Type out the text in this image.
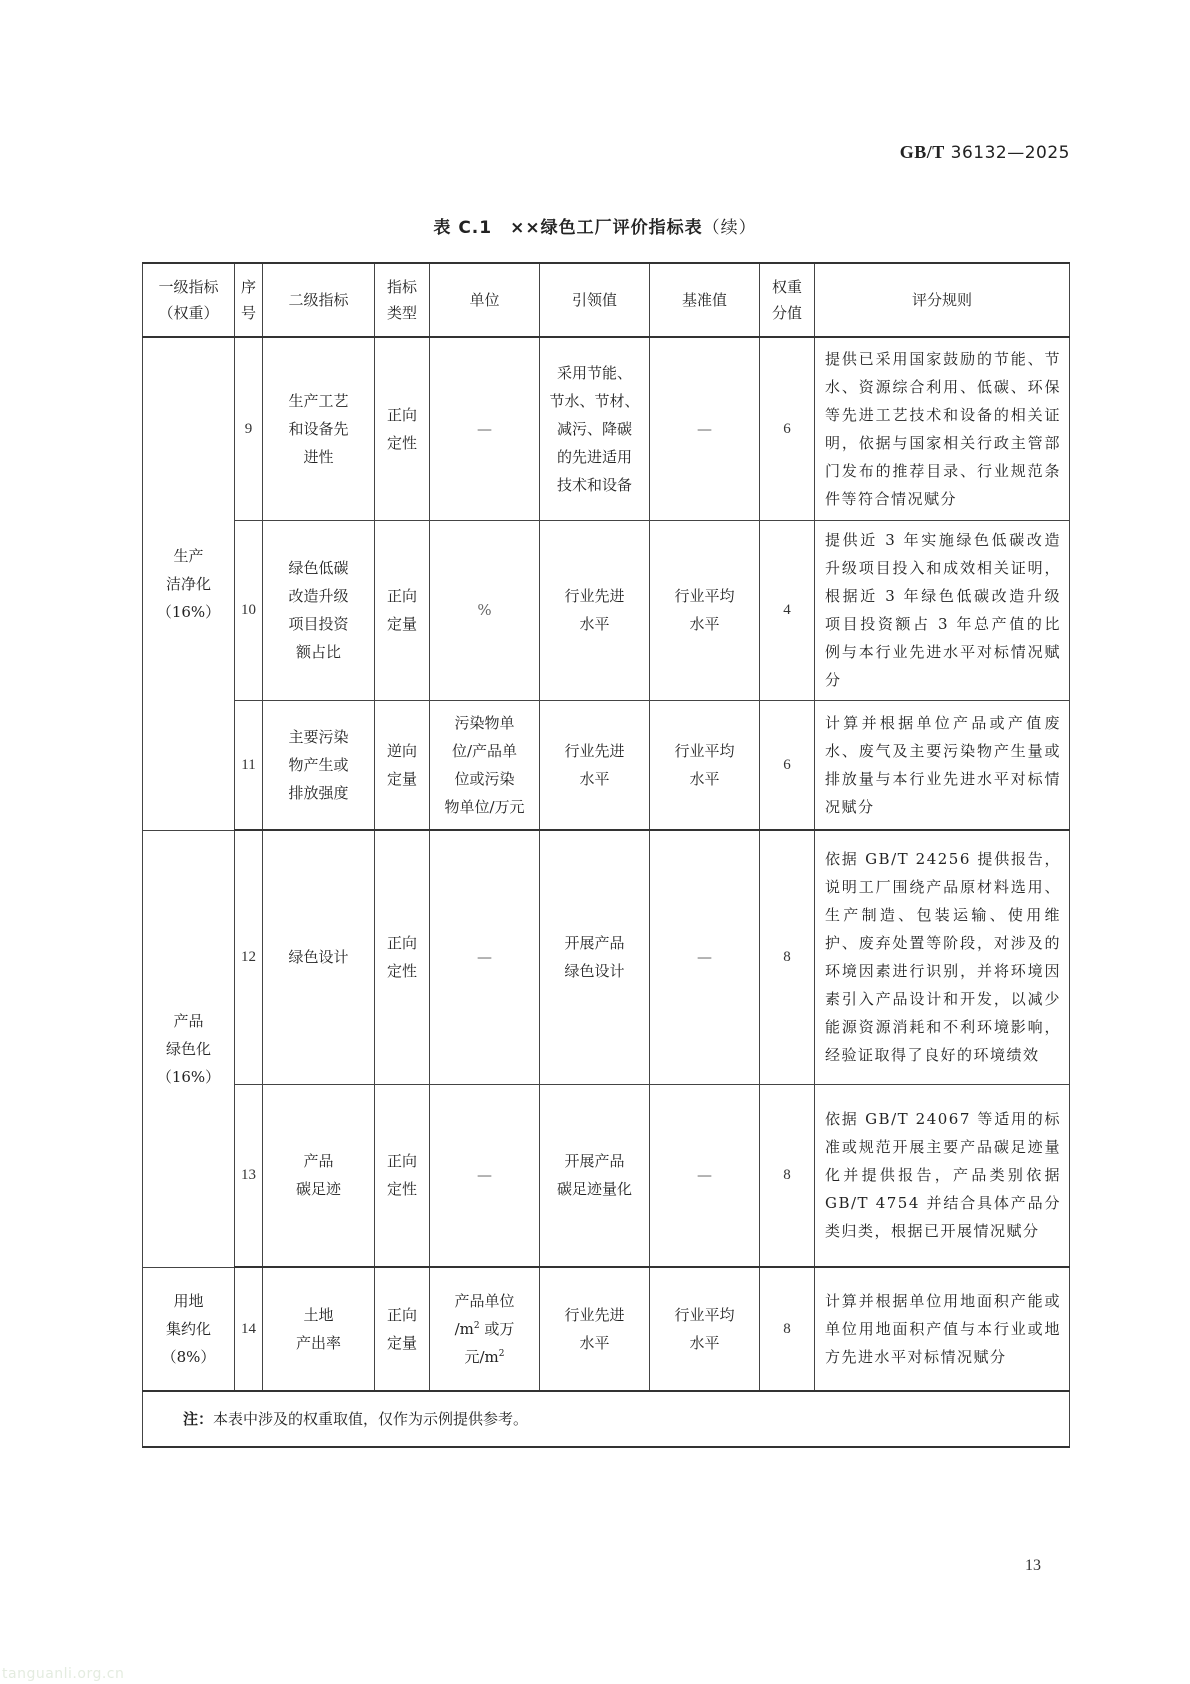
GB/T 36132—2025
表 C.1　××绿色工厂评价指标表（续）
一级指标
（权重）	序
号	二级指标	指标
类型	单位	引领值	基准值	权重
分值	评分规则

生产
洁净化
（16%）	9	生产工艺
和设备先
进性	正向
定性	—	采用节能、
节水、节材、
减污、降碳
的先进适用
技术和设备	—	6	提供已采用国家鼓励的节能、节水、资源综合利用、低碳、环保等先进工艺技术和设备的相关证明，依据与国家相关行政主管部门发布的推荐目录、行业规范条件等符合情况赋分
	10	绿色低碳
改造升级
项目投资
额占比	正向
定量	%	行业先进
水平	行业平均
水平	4	提供近 3 年实施绿色低碳改造升级项目投入和成效相关证明，根据近 3 年绿色低碳改造升级项目投资额占 3 年总产值的比例与本行业先进水平对标情况赋分
	11	主要污染
物产生或
排放强度	逆向
定量	污染物单
位/产品单
位或污染
物单位/万元	行业先进
水平	行业平均
水平	6	计算并根据单位产品或产值废水、废气及主要污染物产生量或排放量与本行业先进水平对标情况赋分

产品
绿色化
（16%）	12	绿色设计	正向
定性	—	开展产品
绿色设计	—	8	依据 GB/T 24256 提供报告，说明工厂围绕产品原材料选用、生产制造、包装运输、使用维护、废弃处置等阶段，对涉及的环境因素进行识别，并将环境因素引入产品设计和开发，以减少能源资源消耗和不利环境影响，经验证取得了良好的环境绩效
	13	产品
碳足迹	正向
定性	—	开展产品
碳足迹量化	—	8	依据 GB/T 24067 等适用的标准或规范开展主要产品碳足迹量化并提供报告，产品类别依据 GB/T 4754 并结合具体产品分类归类，根据已开展情况赋分

用地
集约化
（8%）	14	土地
产出率	正向
定量	产品单位
$/m^2$ 或万
元$/m^2$	行业先进
水平	行业平均
水平	8	计算并根据单位用地面积产能或单位用地面积产值与本行业或地方先进水平对标情况赋分
注：本表中涉及的权重取值，仅作为示例提供参考。								
13
tanguanli.org.cn
